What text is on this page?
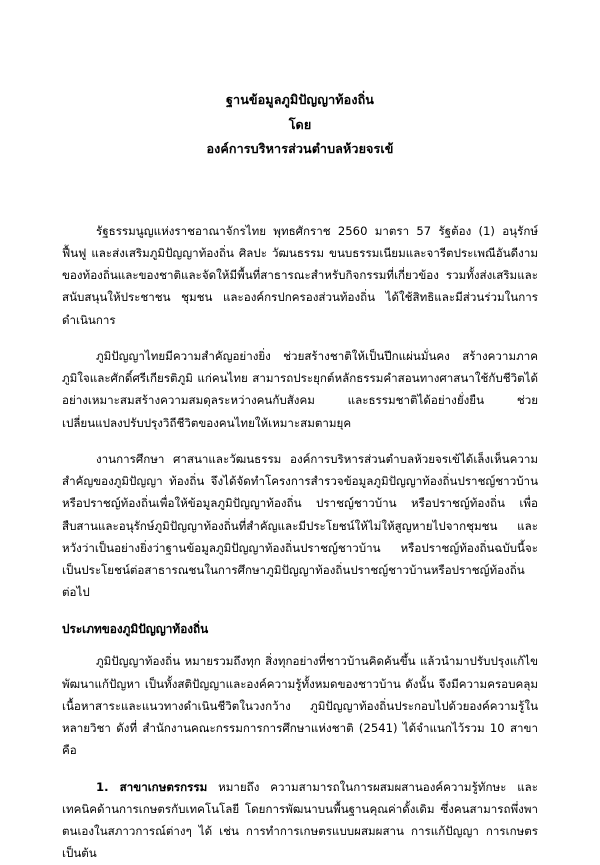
ฐานข้อมูลภูมิปัญญาท้องถิ่น
โดย
องค์การบริหารส่วนตำบลห้วยจรเข้

รัฐธรรมนูญแห่งราชอาณาจักรไทย พุทธศักราช 2560 มาตรา 57 รัฐต้อง (1) อนุรักษ์ ฟื้นฟู และส่งเสริมภูมิปัญญาท้องถิ่น ศิลปะ วัฒนธรรม ขนบธรรมเนียมและจารีตประเพณีอันดีงามของท้องถิ่นและของชาติและจัดให้มีพื้นที่สาธารณะสำหรับกิจกรรมที่เกี่ยวข้อง รวมทั้งส่งเสริมและสนับสนุนให้ประชาชน ชุมชน และองค์กรปกครองส่วนท้องถิ่น ได้ใช้สิทธิและมีส่วนร่วมในการดำเนินการ

ภูมิปัญญาไทยมีความสำคัญอย่างยิ่ง ช่วยสร้างชาติให้เป็นปึกแผ่นมั่นคง สร้างความภาคภูมิใจและศักดิ์ศรีเกียรติภูมิ แก่คนไทย สามารถประยุกต์หลักธรรมคำสอนทางศาสนาใช้กับชีวิตได้อย่างเหมาะสมสร้างความสมดุลระหว่างคนกับสังคม และธรรมชาติได้อย่างยั่งยืน ช่วยเปลี่ยนแปลงปรับปรุงวิถีชีวิตของคนไทยให้เหมาะสมตามยุค

งานการศึกษา ศาสนาและวัฒนธรรม องค์การบริหารส่วนตำบลห้วยจรเข้ได้เล็งเห็นความสำคัญของภูมิปัญญา ท้องถิ่น จึงได้จัดทำโครงการสำรวจข้อมูลภูมิปัญญาท้องถิ่นปราชญ์ชาวบ้าน หรือปราชญ์ท้องถิ่นเพื่อให้ข้อมูลภูมิปัญญาท้องถิ่น ปราชญ์ชาวบ้าน หรือปราชญ์ท้องถิ่น เพื่อสืบสานและอนุรักษ์ภูมิปัญญาท้องถิ่นที่สำคัญและมีประโยชน์ให้ไม่ให้สูญหายไปจากชุมชน และหวังว่าเป็นอย่างยิ่งว่าฐานข้อมูลภูมิปัญญาท้องถิ่นปราชญ์ชาวบ้าน หรือปราชญ์ท้องถิ่นฉบับนี้จะเป็นประโยชน์ต่อสาธารณชนในการศึกษาภูมิปัญญาท้องถิ่นปราชญ์ชาวบ้านหรือปราชญ์ท้องถิ่นต่อไป

ประเภทของภูมิปัญญาท้องถิ่น

ภูมิปัญญาท้องถิ่น หมายรวมถึงทุก สิ่งทุกอย่างที่ชาวบ้านคิดค้นขึ้น แล้วนำมาปรับปรุงแก้ไขพัฒนาแก้ปัญหา เป็นทั้งสติปัญญาและองค์ความรู้ทั้งหมดของชาวบ้าน ดังนั้น จึงมีความครอบคลุมเนื้อหาสาระและแนวทางดำเนินชีวิตในวงกว้าง ภูมิปัญญาท้องถิ่นประกอบไปด้วยองค์ความรู้ในหลายวิชา ดังที่ สำนักงานคณะกรรมการการศึกษาแห่งชาติ (2541) ได้จำแนกไว้รวม 10 สาขา คือ

1. สาขาเกษตรกรรม หมายถึง ความสามารถในการผสมผสานองค์ความรู้ทักษะ และเทคนิคด้านการเกษตรกับเทคโนโลยี โดยการพัฒนาบนพื้นฐานคุณค่าดั้งเดิม ซึ่งคนสามารถพึ่งพาตนเองในสภาวการณ์ต่างๆ ได้ เช่น การทำการเกษตรแบบผสมผสาน การแก้ปัญญา การเกษตรเป็นต้น
